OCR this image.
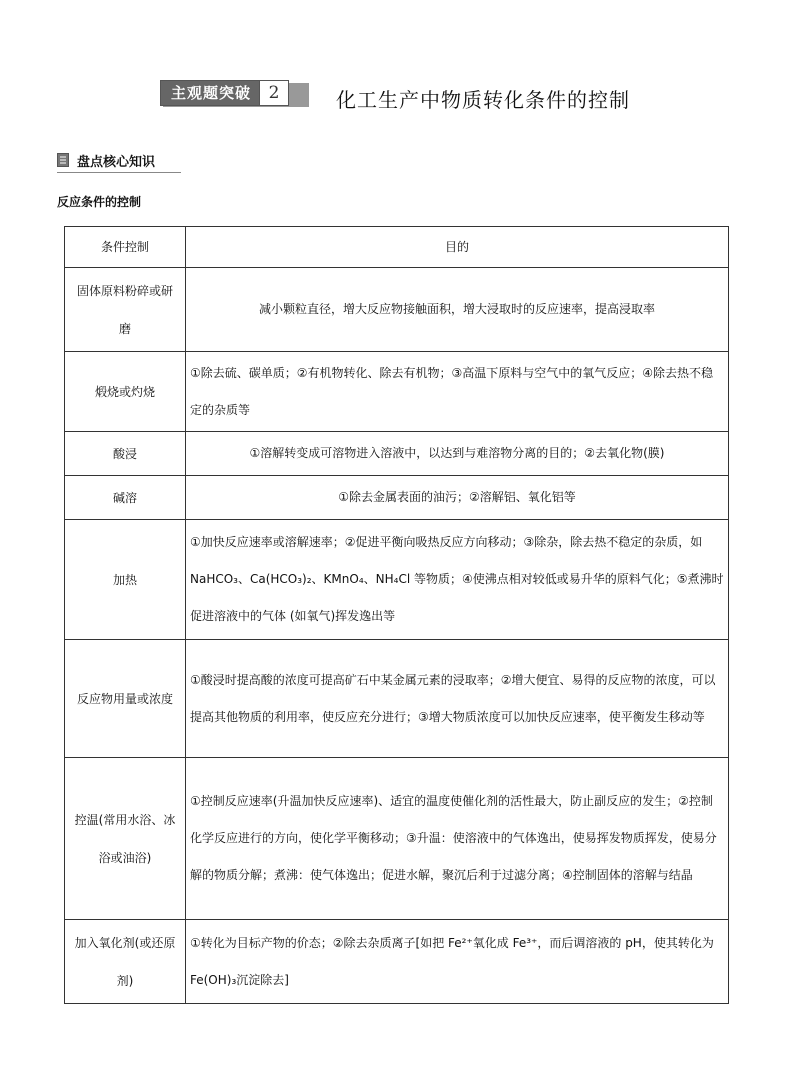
主观题突破	2	化工生产中物质转化条件的控制
盘点核心知识
反应条件的控制
条件控制	目的
固体原料粉碎或研磨	减小颗粒直径，增大反应物接触面积，增大浸取时的反应速率，提高浸取率
煅烧或灼烧	①除去硫、碳单质；②有机物转化、除去有机物；③高温下原料与空气中的氧气反应；④除去热不稳定的杂质等
酸浸	①溶解转变成可溶物进入溶液中，以达到与难溶物分离的目的；②去氧化物(膜)
碱溶	①除去金属表面的油污；②溶解铝、氧化铝等
加热	①加快反应速率或溶解速率；②促进平衡向吸热反应方向移动；③除杂，除去热不稳定的杂质，如 NaHCO₃、Ca(HCO₃)₂、KMnO₄、NH₄Cl 等物质；④使沸点相对较低或易升华的原料气化；⑤煮沸时促进溶液中的气体 (如氧气)挥发逸出等
反应物用量或浓度	①酸浸时提高酸的浓度可提高矿石中某金属元素的浸取率；②增大便宜、易得的反应物的浓度，可以提高其他物质的利用率，使反应充分进行；③增大物质浓度可以加快反应速率，使平衡发生移动等
控温(常用水浴、冰浴或油浴)	①控制反应速率(升温加快反应速率)、适宜的温度使催化剂的活性最大，防止副反应的发生；②控制化学反应进行的方向，使化学平衡移动；③升温：使溶液中的气体逸出，使易挥发物质挥发，使易分解的物质分解；煮沸：使气体逸出；促进水解，聚沉后利于过滤分离；④控制固体的溶解与结晶
加入氧化剂(或还原剂)	①转化为目标产物的价态；②除去杂质离子[如把 Fe²⁺氧化成 Fe³⁺，而后调溶液的 pH，使其转化为 Fe(OH)₃沉淀除去]
